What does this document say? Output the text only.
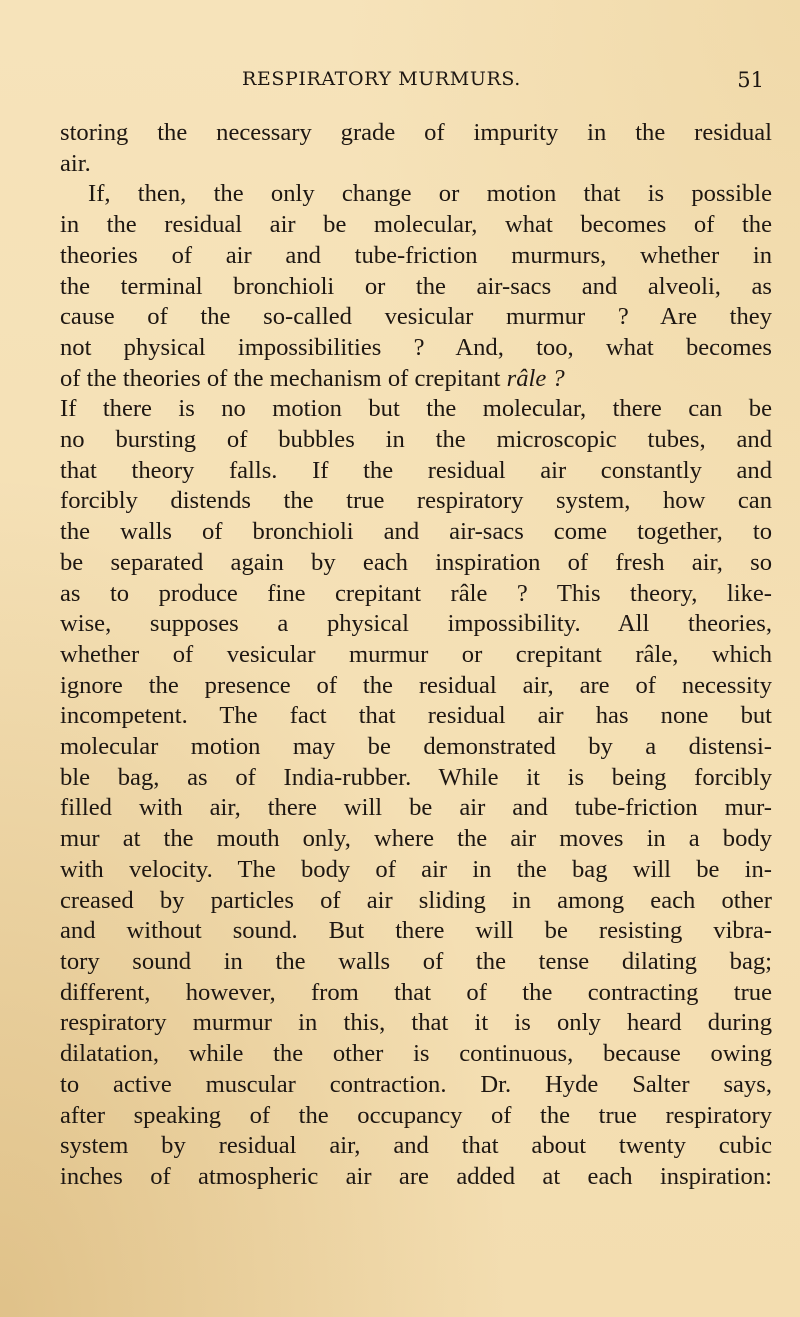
RESPIRATORY MURMURS.	51
storing the necessary grade of impurity in the residual
air.
If, then, the only change or motion that is possible
in the residual air be molecular, what becomes of the
theories of air and tube-friction murmurs, whether in
the terminal bronchioli or the air-sacs and alveoli, as
cause of the so-called vesicular murmur ? Are they
not physical impossibilities ? And, too, what becomes
of the theories of the mechanism of crepitant râle ?
If there is no motion but the molecular, there can be
no bursting of bubbles in the microscopic tubes, and
that theory falls. If the residual air constantly and
forcibly distends the true respiratory system, how can
the walls of bronchioli and air-sacs come together, to
be separated again by each inspiration of fresh air, so
as to produce fine crepitant râle ? This theory, like-
wise, supposes a physical impossibility. All theories,
whether of vesicular murmur or crepitant râle, which
ignore the presence of the residual air, are of necessity
incompetent. The fact that residual air has none but
molecular motion may be demonstrated by a distensi-
ble bag, as of India-rubber. While it is being forcibly
filled with air, there will be air and tube-friction mur-
mur at the mouth only, where the air moves in a body
with velocity. The body of air in the bag will be in-
creased by particles of air sliding in among each other
and without sound. But there will be resisting vibra-
tory sound in the walls of the tense dilating bag;
different, however, from that of the contracting true
respiratory murmur in this, that it is only heard during
dilatation, while the other is continuous, because owing
to active muscular contraction. Dr. Hyde Salter says,
after speaking of the occupancy of the true respiratory
system by residual air, and that about twenty cubic
inches of atmospheric air are added at each inspiration:
